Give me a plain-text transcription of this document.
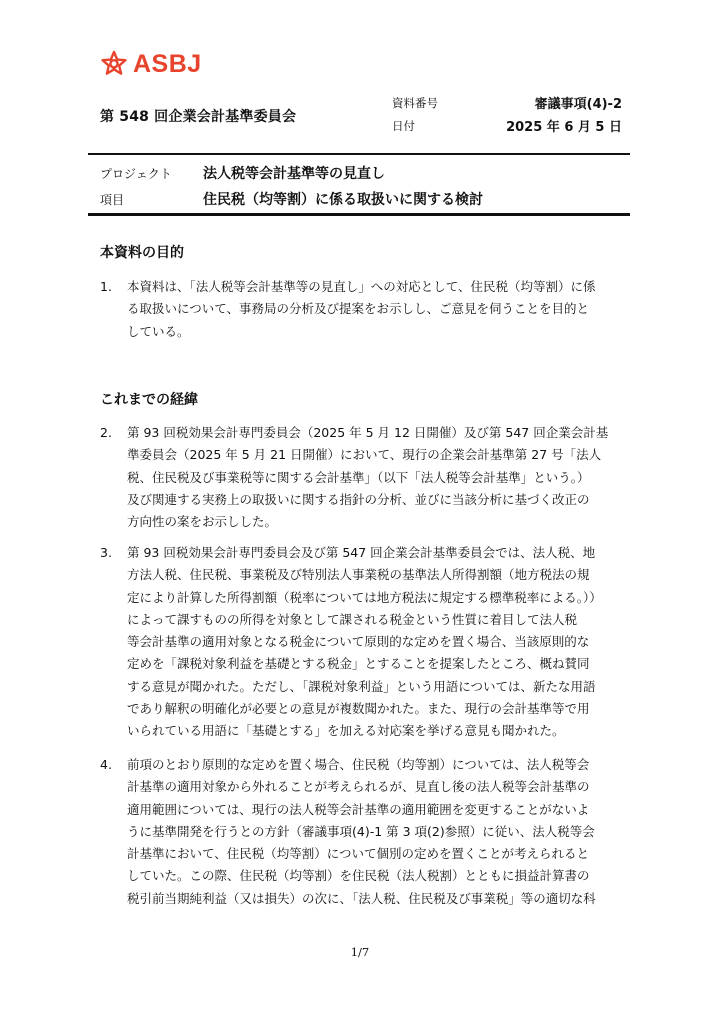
ASBJ
第 548 回企業会計基準委員会
資料番号	審議事項(4)-2
日付	2025 年 6 月 5 日
プロジェクト 法人税等会計基準等の見直し
項目	住民税（均等割）に係る取扱いに関する検討
本資料の目的
1. 本資料は、「法人税等会計基準等の見直し」への対応として、住民税（均等割）に係
る取扱いについて、事務局の分析及び提案をお示しし、ご意見を伺うことを目的と
している。
これまでの経緯
2. 第 93 回税効果会計専門委員会（2025 年 5 月 12 日開催）及び第 547 回企業会計基
準委員会（2025 年 5 月 21 日開催）において、現行の企業会計基準第 27 号「法人
税、住民税及び事業税等に関する会計基準」（以下「法人税等会計基準」という。）
及び関連する実務上の取扱いに関する指針の分析、並びに当該分析に基づく改正の
方向性の案をお示しした。
3. 第 93 回税効果会計専門委員会及び第 547 回企業会計基準委員会では、法人税、地
方法人税、住民税、事業税及び特別法人事業税の基準法人所得割額（地方税法の規
定により計算した所得割額（税率については地方税法に規定する標準税率による。））
によって課すものの所得を対象として課される税金という性質に着目して法人税
等会計基準の適用対象となる税金について原則的な定めを置く場合、当該原則的な
定めを「課税対象利益を基礎とする税金」とすることを提案したところ、概ね賛同
する意見が聞かれた。ただし、「課税対象利益」という用語については、新たな用語
であり解釈の明確化が必要との意見が複数聞かれた。また、現行の会計基準等で用
いられている用語に「基礎とする」を加える対応案を挙げる意見も聞かれた。
4. 前項のとおり原則的な定めを置く場合、住民税（均等割）については、法人税等会
計基準の適用対象から外れることが考えられるが、見直し後の法人税等会計基準の
適用範囲については、現行の法人税等会計基準の適用範囲を変更することがないよ
うに基準開発を行うとの方針（審議事項(4)-1 第 3 項(2)参照）に従い、法人税等会
計基準において、住民税（均等割）について個別の定めを置くことが考えられると
していた。この際、住民税（均等割）を住民税（法人税割）とともに損益計算書の
税引前当期純利益（又は損失）の次に、「法人税、住民税及び事業税」等の適切な科
1/7
